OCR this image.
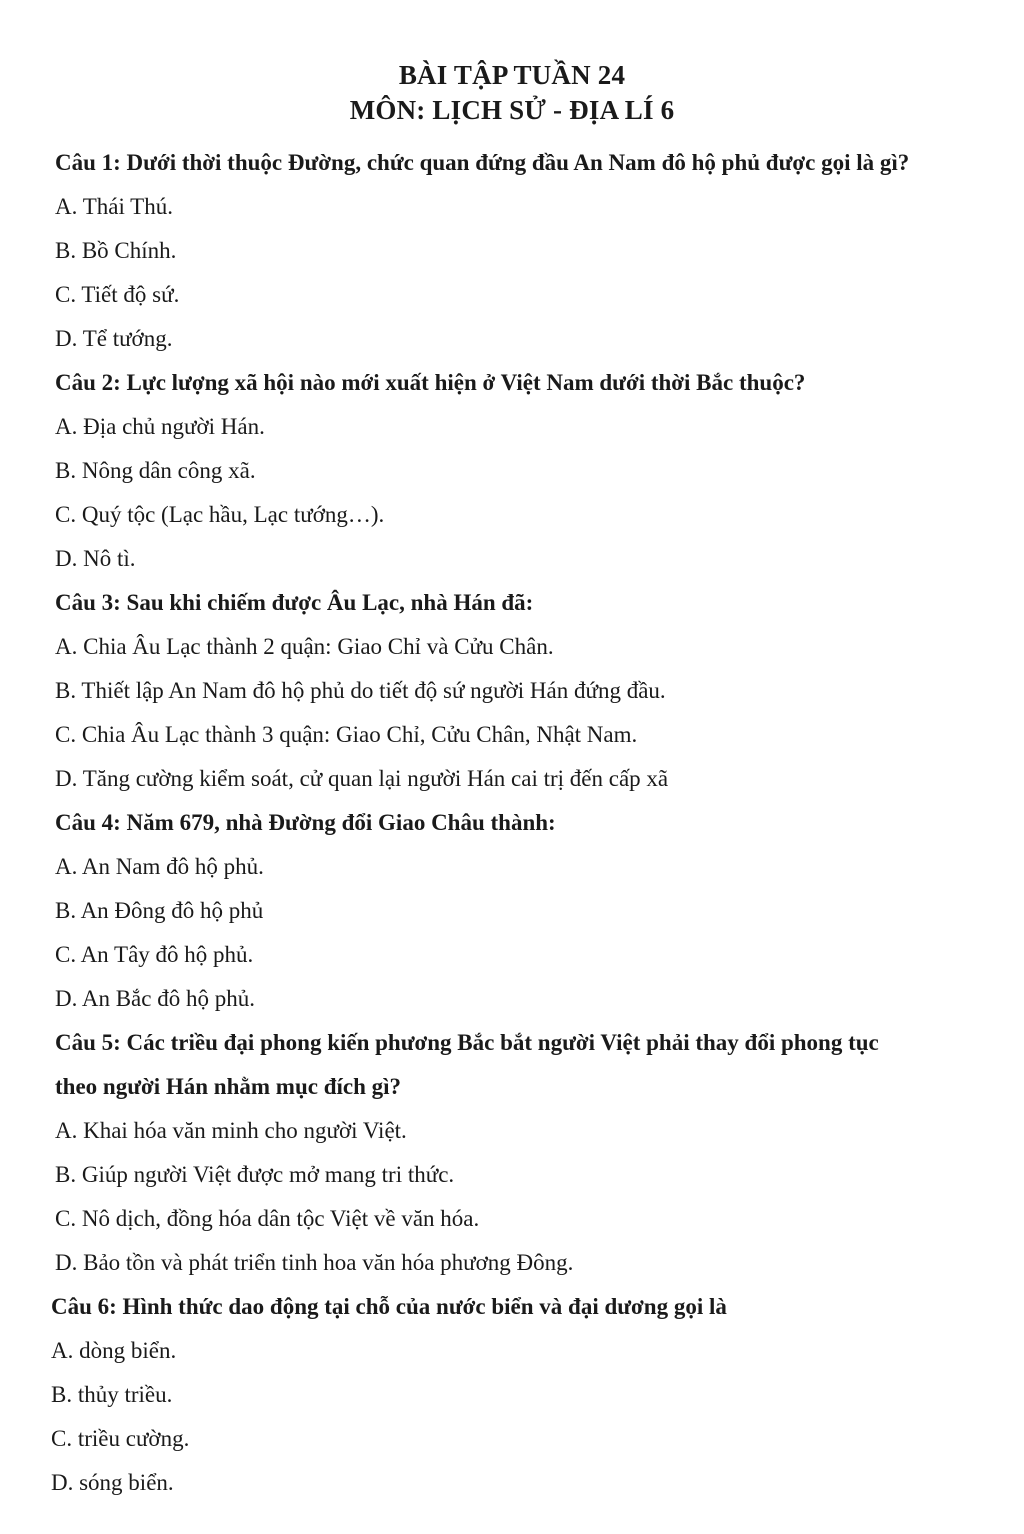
BÀI TẬP TUẦN 24
MÔN: LỊCH SỬ - ĐỊA LÍ 6
Câu 1: Dưới thời thuộc Đường, chức quan đứng đầu An Nam đô hộ phủ được gọi là gì?
A. Thái Thú.
B. Bồ Chính.
C. Tiết độ sứ.
D. Tể tướng.
Câu 2: Lực lượng xã hội nào mới xuất hiện ở Việt Nam dưới thời Bắc thuộc?
A. Địa chủ người Hán.
B. Nông dân công xã.
C. Quý tộc (Lạc hầu, Lạc tướng…).
D. Nô tì.
Câu 3: Sau khi chiếm được Âu Lạc, nhà Hán đã:
A. Chia Âu Lạc thành 2 quận: Giao Chỉ và Cửu Chân.
B. Thiết lập An Nam đô hộ phủ do tiết độ sứ người Hán đứng đầu.
C. Chia Âu Lạc thành 3 quận: Giao Chỉ, Cửu Chân, Nhật Nam.
D. Tăng cường kiểm soát, cử quan lại người Hán cai trị đến cấp xã
Câu 4: Năm 679, nhà Đường đổi Giao Châu thành:
A. An Nam đô hộ phủ.
B. An Đông đô hộ phủ
C. An Tây đô hộ phủ.
D. An Bắc đô hộ phủ.
Câu 5: Các triều đại phong kiến phương Bắc bắt người Việt phải thay đổi phong tục
theo người Hán nhằm mục đích gì?
A. Khai hóa văn minh cho người Việt.
B. Giúp người Việt được mở mang tri thức.
C. Nô dịch, đồng hóa dân tộc Việt về văn hóa.
D. Bảo tồn và phát triển tinh hoa văn hóa phương Đông.
Câu 6: Hình thức dao động tại chỗ của nước biển và đại dương gọi là
A. dòng biển.
B. thủy triều.
C. triều cường.
D. sóng biển.
